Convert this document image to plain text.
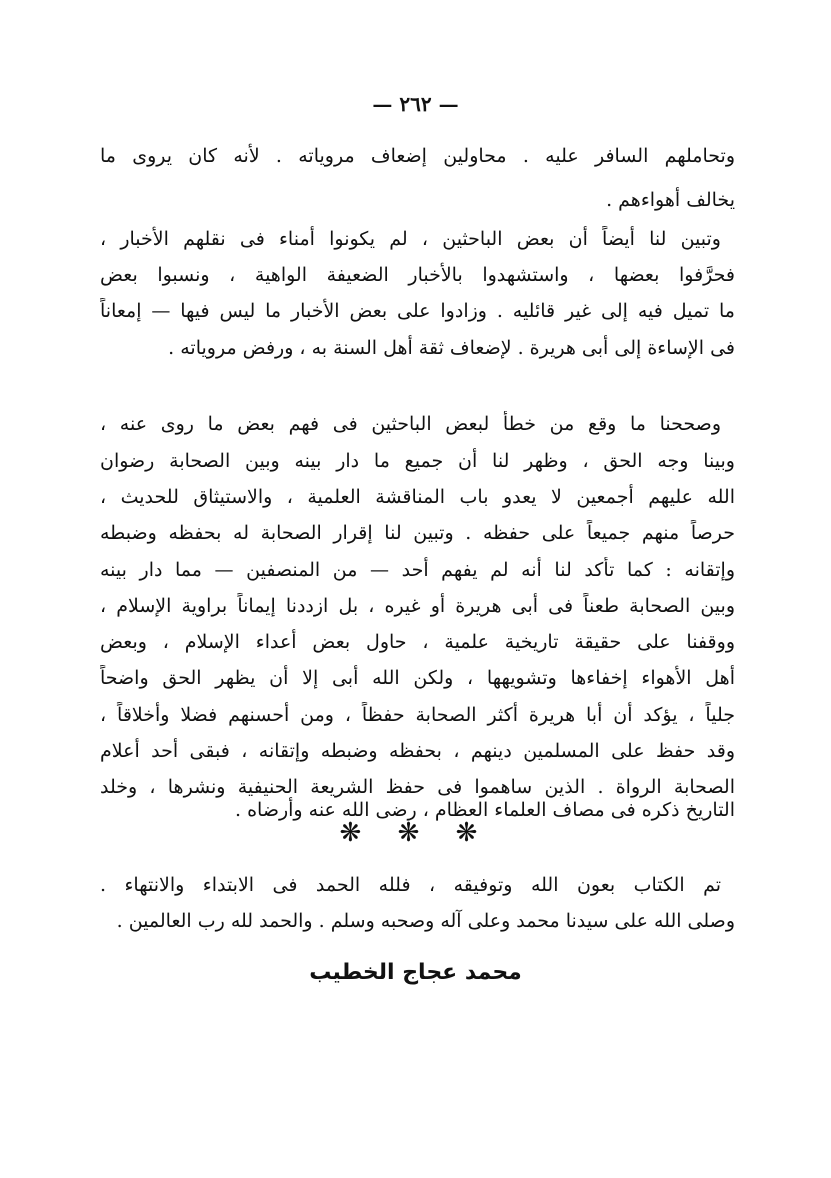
— ٢٦٢ —
وتحاملهم السافر عليه . محاولين إضعاف مروياته . لأنه كان يروى ما
يخالف أهواءهم .
وتبين لنا أيضاً أن بعض الباحثين ، لم يكونوا أمناء فى نقلهم الأخبار ،
فحرَّفوا بعضها ، واستشهدوا بالأخبار الضعيفة الواهية ، ونسبوا بعض
ما تميل فيه إلى غير قائليه . وزادوا على بعض الأخبار ما ليس فيها — إمعاناً
فى الإساءة إلى أبى هريرة . لإضعاف ثقة أهل السنة به ، ورفض مروياته .
وصححنا ما وقع من خطأ لبعض الباحثين فى فهم بعض ما روى عنه ،
وبينا وجه الحق ، وظهر لنا أن جميع ما دار بينه وبين الصحابة رضوان
الله عليهم أجمعين لا يعدو باب المناقشة العلمية ، والاستيثاق للحديث ،
حرصاً منهم جميعاً على حفظه . وتبين لنا إقرار الصحابة له بحفظه وضبطه
وإتقانه : كما تأكد لنا أنه لم يفهم أحد — من المنصفين — مما دار بينه
وبين الصحابة طعناً فى أبى هريرة أو غيره ، بل ازددنا إيماناً براوية الإسلام ،
ووقفنا على حقيقة تاريخية علمية ، حاول بعض أعداء الإسلام ، وبعض
أهل الأهواء إخفاءها وتشويهها ، ولكن الله أبى إلا أن يظهر الحق واضحاً
جلياً ، يؤكد أن أبا هريرة أكثر الصحابة حفظاً ، ومن أحسنهم فضلا وأخلاقاً ،
وقد حفظ على المسلمين دينهم ، بحفظه وضبطه وإتقانه ، فبقى أحد أعلام
الصحابة الرواة . الذين ساهموا فى حفظ الشريعة الحنيفية ونشرها ، وخلد
التاريخ ذكره فى مصاف العلماء العظام ، رضى الله عنه وأرضاه .
❋ ❋ ❋
تم الكتاب بعون الله وتوفيقه ، فلله الحمد فى الابتداء والانتهاء .
وصلى الله على سيدنا محمد وعلى آله وصحبه وسلم . والحمد لله رب العالمين .
محمد عجاج الخطيب
